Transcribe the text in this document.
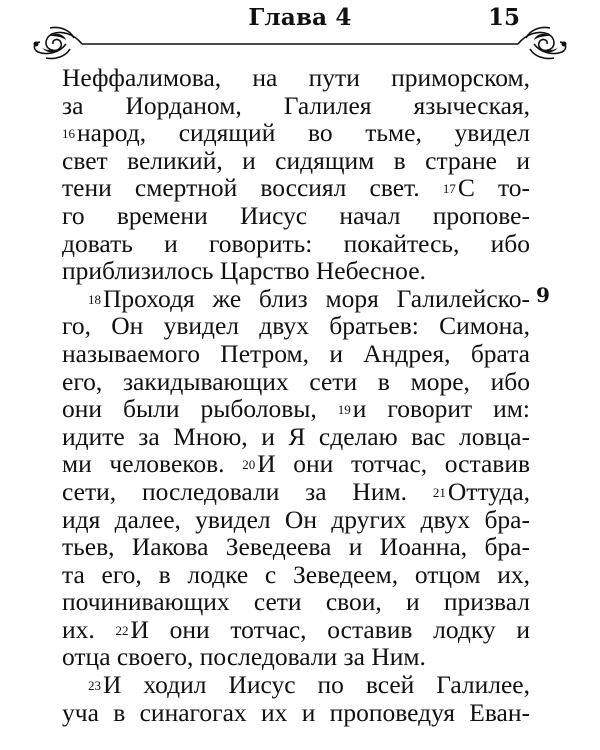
Глава 4	15
9
Неффалимова, на пути приморском,
за Иорданом, Галилея языческая,
$^{16}$народ, сидящий во тьме, увидел
свет великий, и сидящим в стране и
тени смертной воссиял свет. $^{17}$С то-
го времени Иисус начал пропове-
довать и говорить: покайтесь, ибо
приблизилось Царство Небесное.
$^{18}$Проходя же близ моря Галилейско-
го, Он увидел двух братьев: Симона,
называемого Петром, и Андрея, брата
его, закидывающих сети в море, ибо
они были рыболовы, $^{19}$и говорит им:
идите за Мною, и Я сделаю вас ловца-
ми человеков. $^{20}$И они тотчас, оставив
сети, последовали за Ним. $^{21}$Оттуда,
идя далее, увидел Он других двух бра-
тьев, Иакова Зеведеева и Иоанна, бра-
та его, в лодке с Зеведеем, отцом их,
починивающих сети свои, и призвал
их. $^{22}$И они тотчас, оставив лодку и
отца своего, последовали за Ним.
$^{23}$И ходил Иисус по всей Галилее,
уча в синагогах их и проповедуя Еван-
